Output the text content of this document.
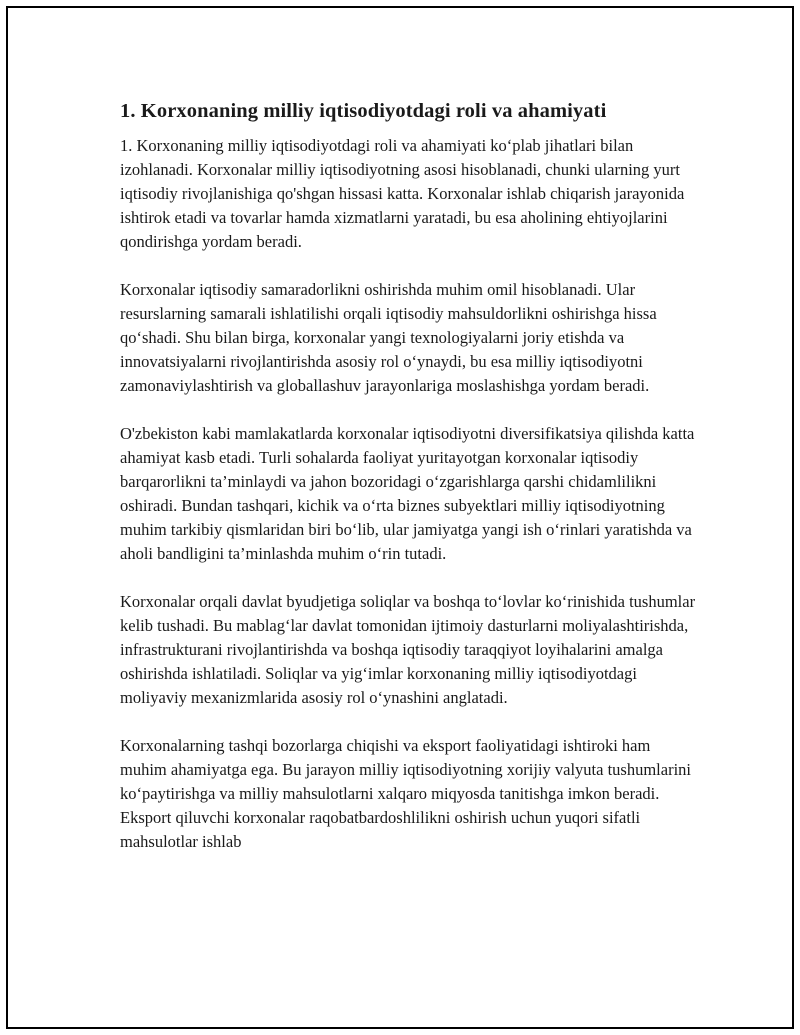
1. Korxonaning milliy iqtisodiyotdagi roli va ahamiyati

1. Korxonaning milliy iqtisodiyotdagi roli va ahamiyati ko‘plab jihatlari bilan izohlanadi. Korxonalar milliy iqtisodiyotning asosi hisoblanadi, chunki ularning yurt iqtisodiy rivojlanishiga qo'shgan hissasi katta. Korxonalar ishlab chiqarish jarayonida ishtirok etadi va tovarlar hamda xizmatlarni yaratadi, bu esa aholining ehtiyojlarini qondirishga yordam beradi.

Korxonalar iqtisodiy samaradorlikni oshirishda muhim omil hisoblanadi. Ular resurslarning samarali ishlatilishi orqali iqtisodiy mahsuldorlikni oshirishga hissa qo‘shadi. Shu bilan birga, korxonalar yangi texnologiyalarni joriy etishda va innovatsiyalarni rivojlantirishda asosiy rol o‘ynaydi, bu esa milliy iqtisodiyotni zamonaviylashtirish va globallashuv jarayonlariga moslashishga yordam beradi.

O'zbekiston kabi mamlakatlarda korxonalar iqtisodiyotni diversifikatsiya qilishda katta ahamiyat kasb etadi. Turli sohalarda faoliyat yuritayotgan korxonalar iqtisodiy barqarorlikni ta’minlaydi va jahon bozoridagi o‘zgarishlarga qarshi chidamlilikni oshiradi. Bundan tashqari, kichik va o‘rta biznes subyektlari milliy iqtisodiyotning muhim tarkibiy qismlaridan biri bo‘lib, ular jamiyatga yangi ish o‘rinlari yaratishda va aholi bandligini ta’minlashda muhim o‘rin tutadi.

Korxonalar orqali davlat byudjetiga soliqlar va boshqa to‘lovlar ko‘rinishida tushumlar kelib tushadi. Bu mablag‘lar davlat tomonidan ijtimoiy dasturlarni moliyalashtirishda, infrastrukturani rivojlantirishda va boshqa iqtisodiy taraqqiyot loyihalarini amalga oshirishda ishlatiladi. Soliqlar va yig‘imlar korxonaning milliy iqtisodiyotdagi moliyaviy mexanizmlarida asosiy rol o‘ynashini anglatadi.

Korxonalarning tashqi bozorlarga chiqishi va eksport faoliyatidagi ishtiroki ham muhim ahamiyatga ega. Bu jarayon milliy iqtisodiyotning xorijiy valyuta tushumlarini ko‘paytirishga va milliy mahsulotlarni xalqaro miqyosda tanitishga imkon beradi. Eksport qiluvchi korxonalar raqobatbardoshlilikni oshirish uchun yuqori sifatli mahsulotlar ishlab
